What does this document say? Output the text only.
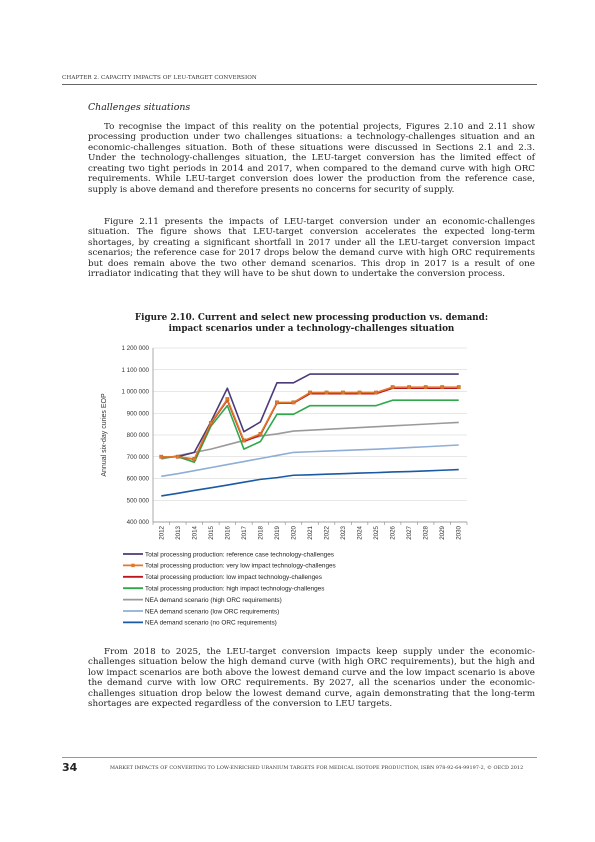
CHAPTER 2. CAPACITY IMPACTS OF LEU-TARGET CONVERSION
Challenges situations

To recognise the impact of this reality on the potential projects, Figures 2.10 and 2.11 show processing production under two challenges situations: a technology-challenges situation and an economic-challenges situation. Both of these situations were discussed in Sections 2.1 and 2.3. Under the technology-challenges situation, the LEU-target conversion has the limited effect of creating two tight periods in 2014 and 2017, when compared to the demand curve with high ORC requirements. While LEU-target conversion does lower the production from the reference case, supply is above demand and therefore presents no concerns for security of supply.

Figure 2.11 presents the impacts of LEU-target conversion under an economic-challenges situation. The figure shows that LEU-target conversion accelerates the expected long-term shortages, by creating a significant shortfall in 2017 under all the LEU-target conversion impact scenarios; the reference case for 2017 drops below the demand curve with high ORC requirements but does remain above the two other demand scenarios. This drop in 2017 is a result of one irradiator indicating that they will have to be shut down to undertake the conversion process.

Figure 2.10. Current and select new processing production vs. demand:
impact scenarios under a technology-challenges situation
400 000
500 000
600 000
700 000
800 000
900 000
1 000 000
1 100 000
1 200 000
2012 2013 2014 2015 2016 2017 2018 2019 2020 2021 2022 2023 2024 2025 2026 2027 2028 2029 2030
Annual six-day curies EOP
Total processing production: reference case technology-challenges
Total processing production: very low impact technology-challenges
Total processing production: low impact technology-challenges
Total processing production: high impact technology-challenges
NEA demand scenario (high ORC requirements)
NEA demand scenario (low ORC requirements)
NEA demand scenario (no ORC requirements)

From 2018 to 2025, the LEU-target conversion impacts keep supply under the economic-challenges situation below the high demand curve (with high ORC requirements), but the high and low impact scenarios are both above the lowest demand curve and the low impact scenario is above the demand curve with low ORC requirements. By 2027, all the scenarios under the economic-challenges situation drop below the lowest demand curve, again demonstrating that the long-term shortages are expected regardless of the conversion to LEU targets.

34	MARKET IMPACTS OF CONVERTING TO LOW-ENRICHED URANIUM TARGETS FOR MEDICAL ISOTOPE PRODUCTION, ISBN 978-92-64-99197-2, © OECD 2012
